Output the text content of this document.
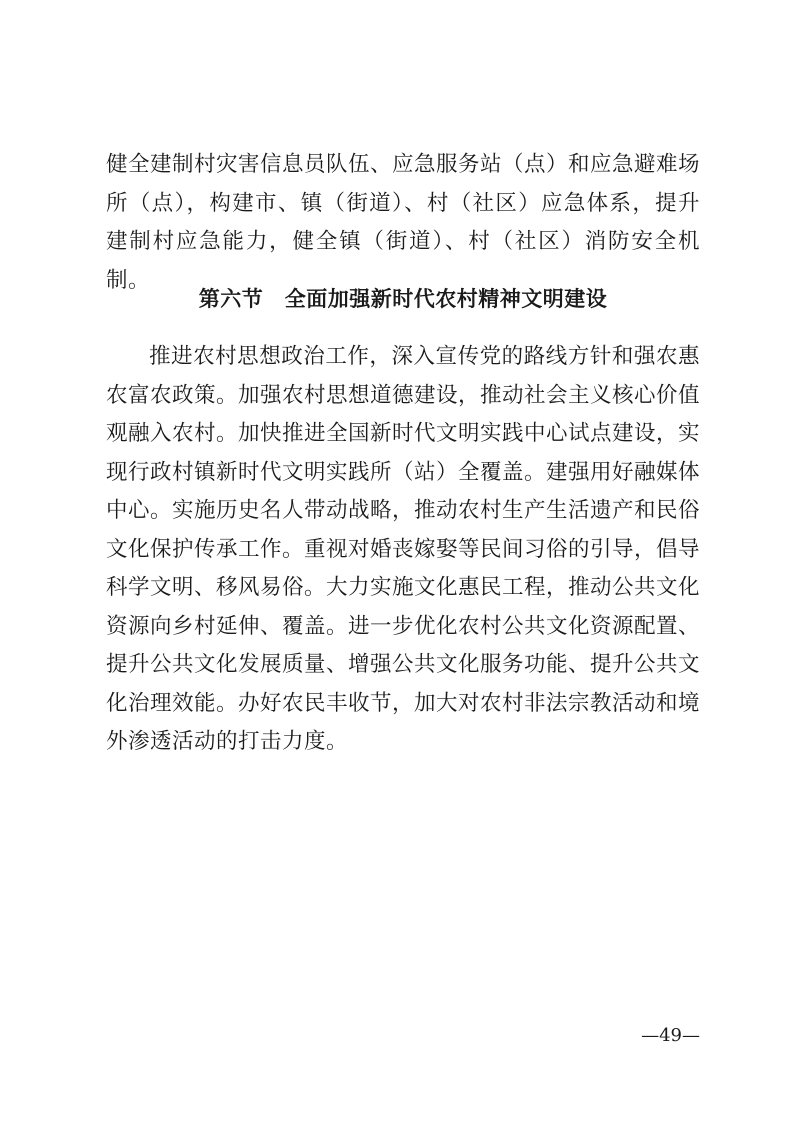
健全建制村灾害信息员队伍、应急服务站（点）和应急避难场所（点），构建市、镇（街道）、村（社区）应急体系，提升建制村应急能力，健全镇（街道）、村（社区）消防安全机制。

第六节　全面加强新时代农村精神文明建设

推进农村思想政治工作，深入宣传党的路线方针和强农惠农富农政策。加强农村思想道德建设，推动社会主义核心价值观融入农村。加快推进全国新时代文明实践中心试点建设，实现行政村镇新时代文明实践所（站）全覆盖。建强用好融媒体中心。实施历史名人带动战略，推动农村生产生活遗产和民俗文化保护传承工作。重视对婚丧嫁娶等民间习俗的引导，倡导科学文明、移风易俗。大力实施文化惠民工程，推动公共文化资源向乡村延伸、覆盖。进一步优化农村公共文化资源配置、提升公共文化发展质量、增强公共文化服务功能、提升公共文化治理效能。办好农民丰收节，加大对农村非法宗教活动和境外渗透活动的打击力度。

—49—
